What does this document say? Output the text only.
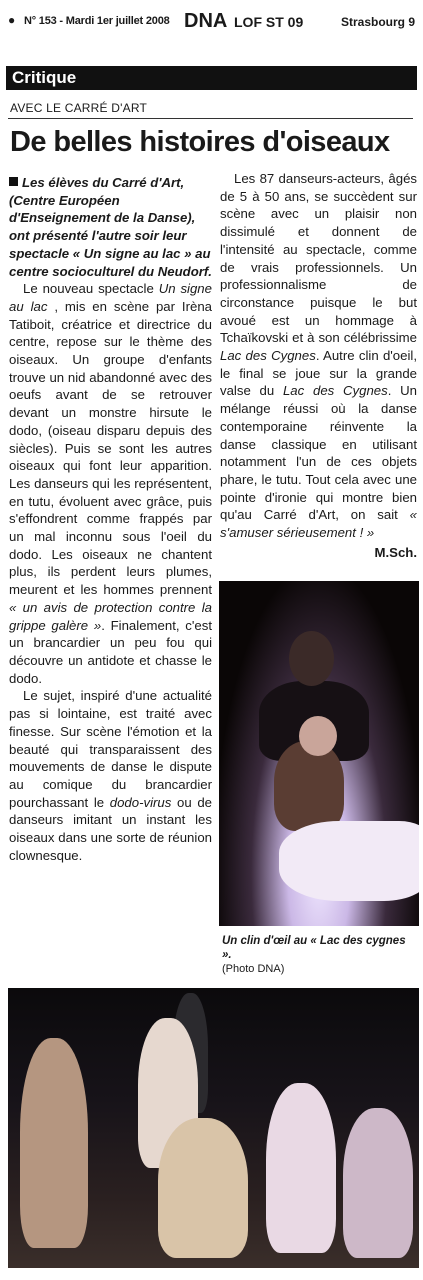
● N° 153 - Mardi 1er juillet 2008 DNA LOF ST 09	Strasbourg 9
Critique
AVEC LE CARRÉ D'ART
De belles histoires d'oiseaux
Les élèves du Carré d'Art, (Centre Européen d'Enseignement de la Danse), ont présenté l'autre soir leur spectacle « Un signe au lac » au centre socioculturel du Neudorf.

Le nouveau spectacle Un signe au lac , mis en scène par Irèna Tatiboit, créatrice et directrice du centre, repose sur le thème des oiseaux. Un groupe d'enfants trouve un nid abandonné avec des oeufs avant de se retrouver devant un monstre hirsute le dodo, (oiseau disparu depuis des siècles). Puis se sont les autres oiseaux qui font leur apparition. Les danseurs qui les représentent, en tutu, évoluent avec grâce, puis s'effondrent comme frappés par un mal inconnu sous l'oeil du dodo. Les oiseaux ne chantent plus, ils perdent leurs plumes, meurent et les hommes prennent « un avis de protection contre la grippe galère ». Finalement, c'est un brancardier un peu fou qui découvre un antidote et chasse le dodo.

Le sujet, inspiré d'une actualité pas si lointaine, est traité avec finesse. Sur scène l'émotion et la beauté qui transparaissent des mouvements de danse le dispute au comique du brancardier pourchassant le dodo-virus ou de danseurs imitant un instant les oiseaux dans une sorte de réunion clownesque.

Les 87 danseurs-acteurs, âgés de 5 à 50 ans, se succèdent sur scène avec un plaisir non dissimulé et donnent de l'intensité au spectacle, comme de vrais professionnels. Un professionnalisme de circonstance puisque le but avoué est un hommage à Tchaïkovski et à son célébrissime Lac des Cygnes. Autre clin d'oeil, le final se joue sur la grande valse du Lac des Cygnes. Un mélange réussi où la danse contemporaine réinvente la danse classique en utilisant notamment l'un de ces objets phare, le tutu. Tout cela avec une pointe d'ironie qui montre bien qu'au Carré d'Art, on sait « s'amuser sérieusement ! »

M.Sch.
Un clin d'œil au « Lac des cygnes ».
(Photo DNA)
